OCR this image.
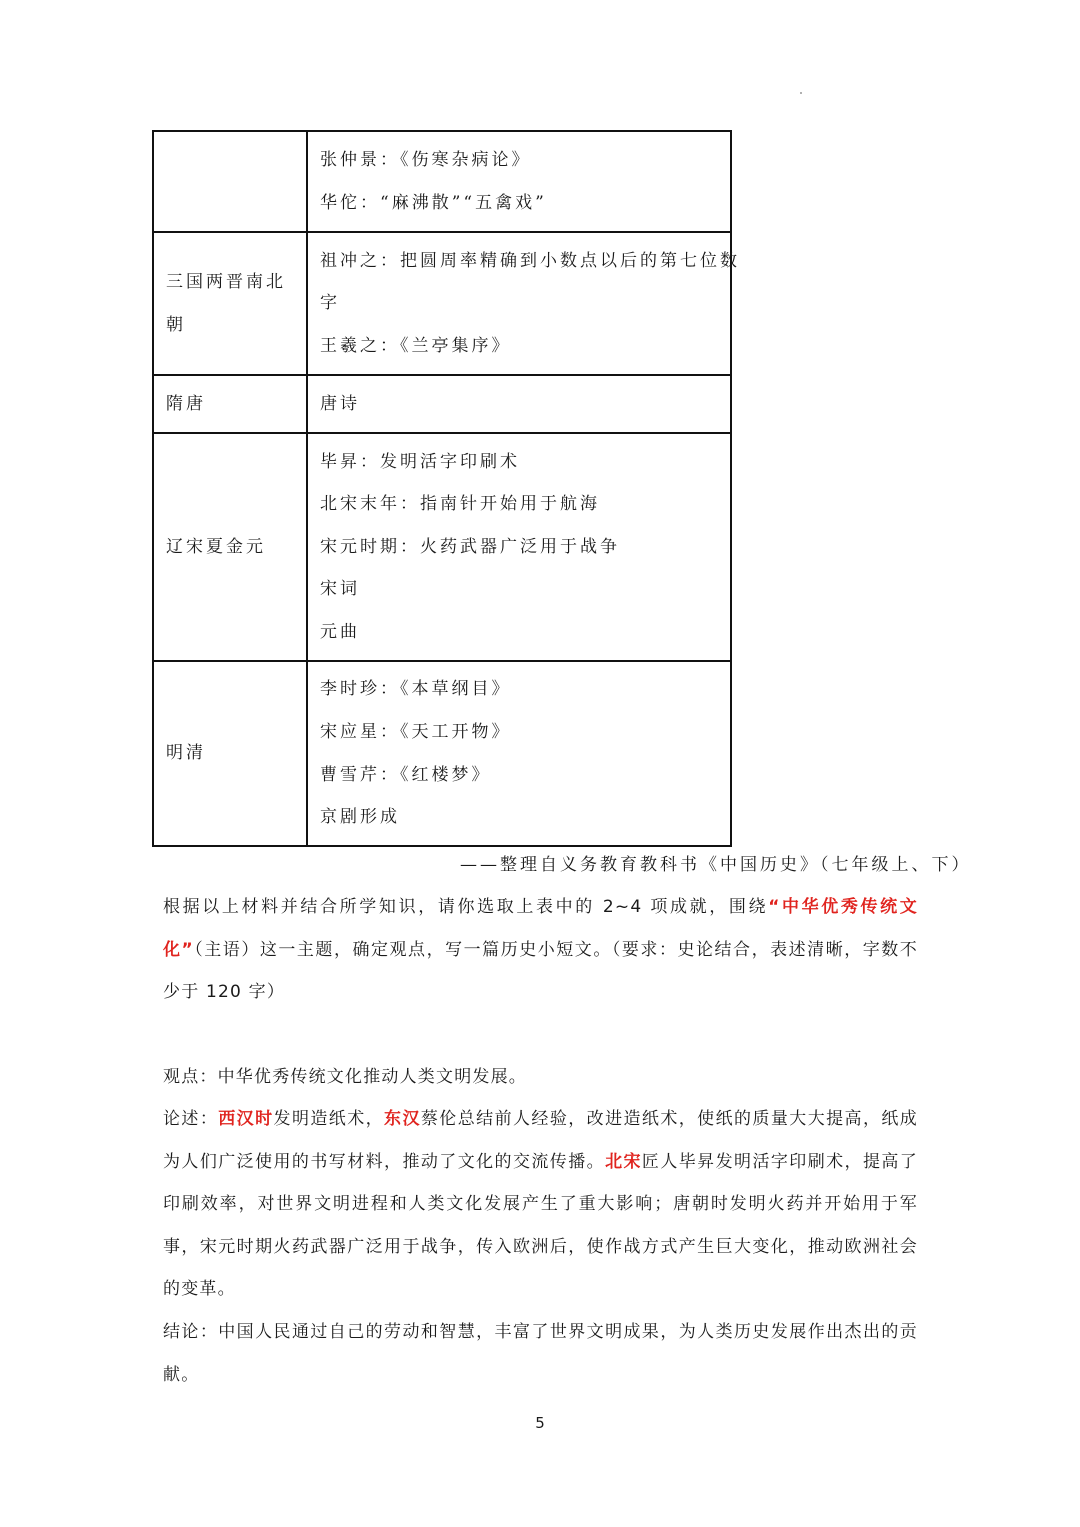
	张仲景：《伤寒杂病论》
华佗：“麻沸散”“五禽戏”

三国两晋南北朝	祖冲之：把圆周率精确到小数点以后的第七位数
字
王羲之：《兰亭集序》

隋唐	唐诗

辽宋夏金元	毕昇：发明活字印刷术
北宋末年：指南针开始用于航海
宋元时期：火药武器广泛用于战争
宋词
元曲

明清	李时珍：《本草纲目》
宋应星：《天工开物》
曹雪芹：《红楼梦》
京剧形成
——整理自义务教育教科书《中国历史》（七年级上、下）
根据以上材料并结合所学知识，请你选取上表中的 2~4 项成就，围绕“中华优秀传统文化”（主语）这一主题，确定观点，写一篇历史小短文。（要求：史论结合，表述清晰，字数不少于 120 字）
观点：中华优秀传统文化推动人类文明发展。
论述：西汉时发明造纸术，东汉蔡伦总结前人经验，改进造纸术，使纸的质量大大提高，纸成为人们广泛使用的书写材料，推动了文化的交流传播。北宋匠人毕昇发明活字印刷术，提高了印刷效率，对世界文明进程和人类文化发展产生了重大影响；唐朝时发明火药并开始用于军事，宋元时期火药武器广泛用于战争，传入欧洲后，使作战方式产生巨大变化，推动欧洲社会的变革。
结论：中国人民通过自己的劳动和智慧，丰富了世界文明成果，为人类历史发展作出杰出的贡献。
5
